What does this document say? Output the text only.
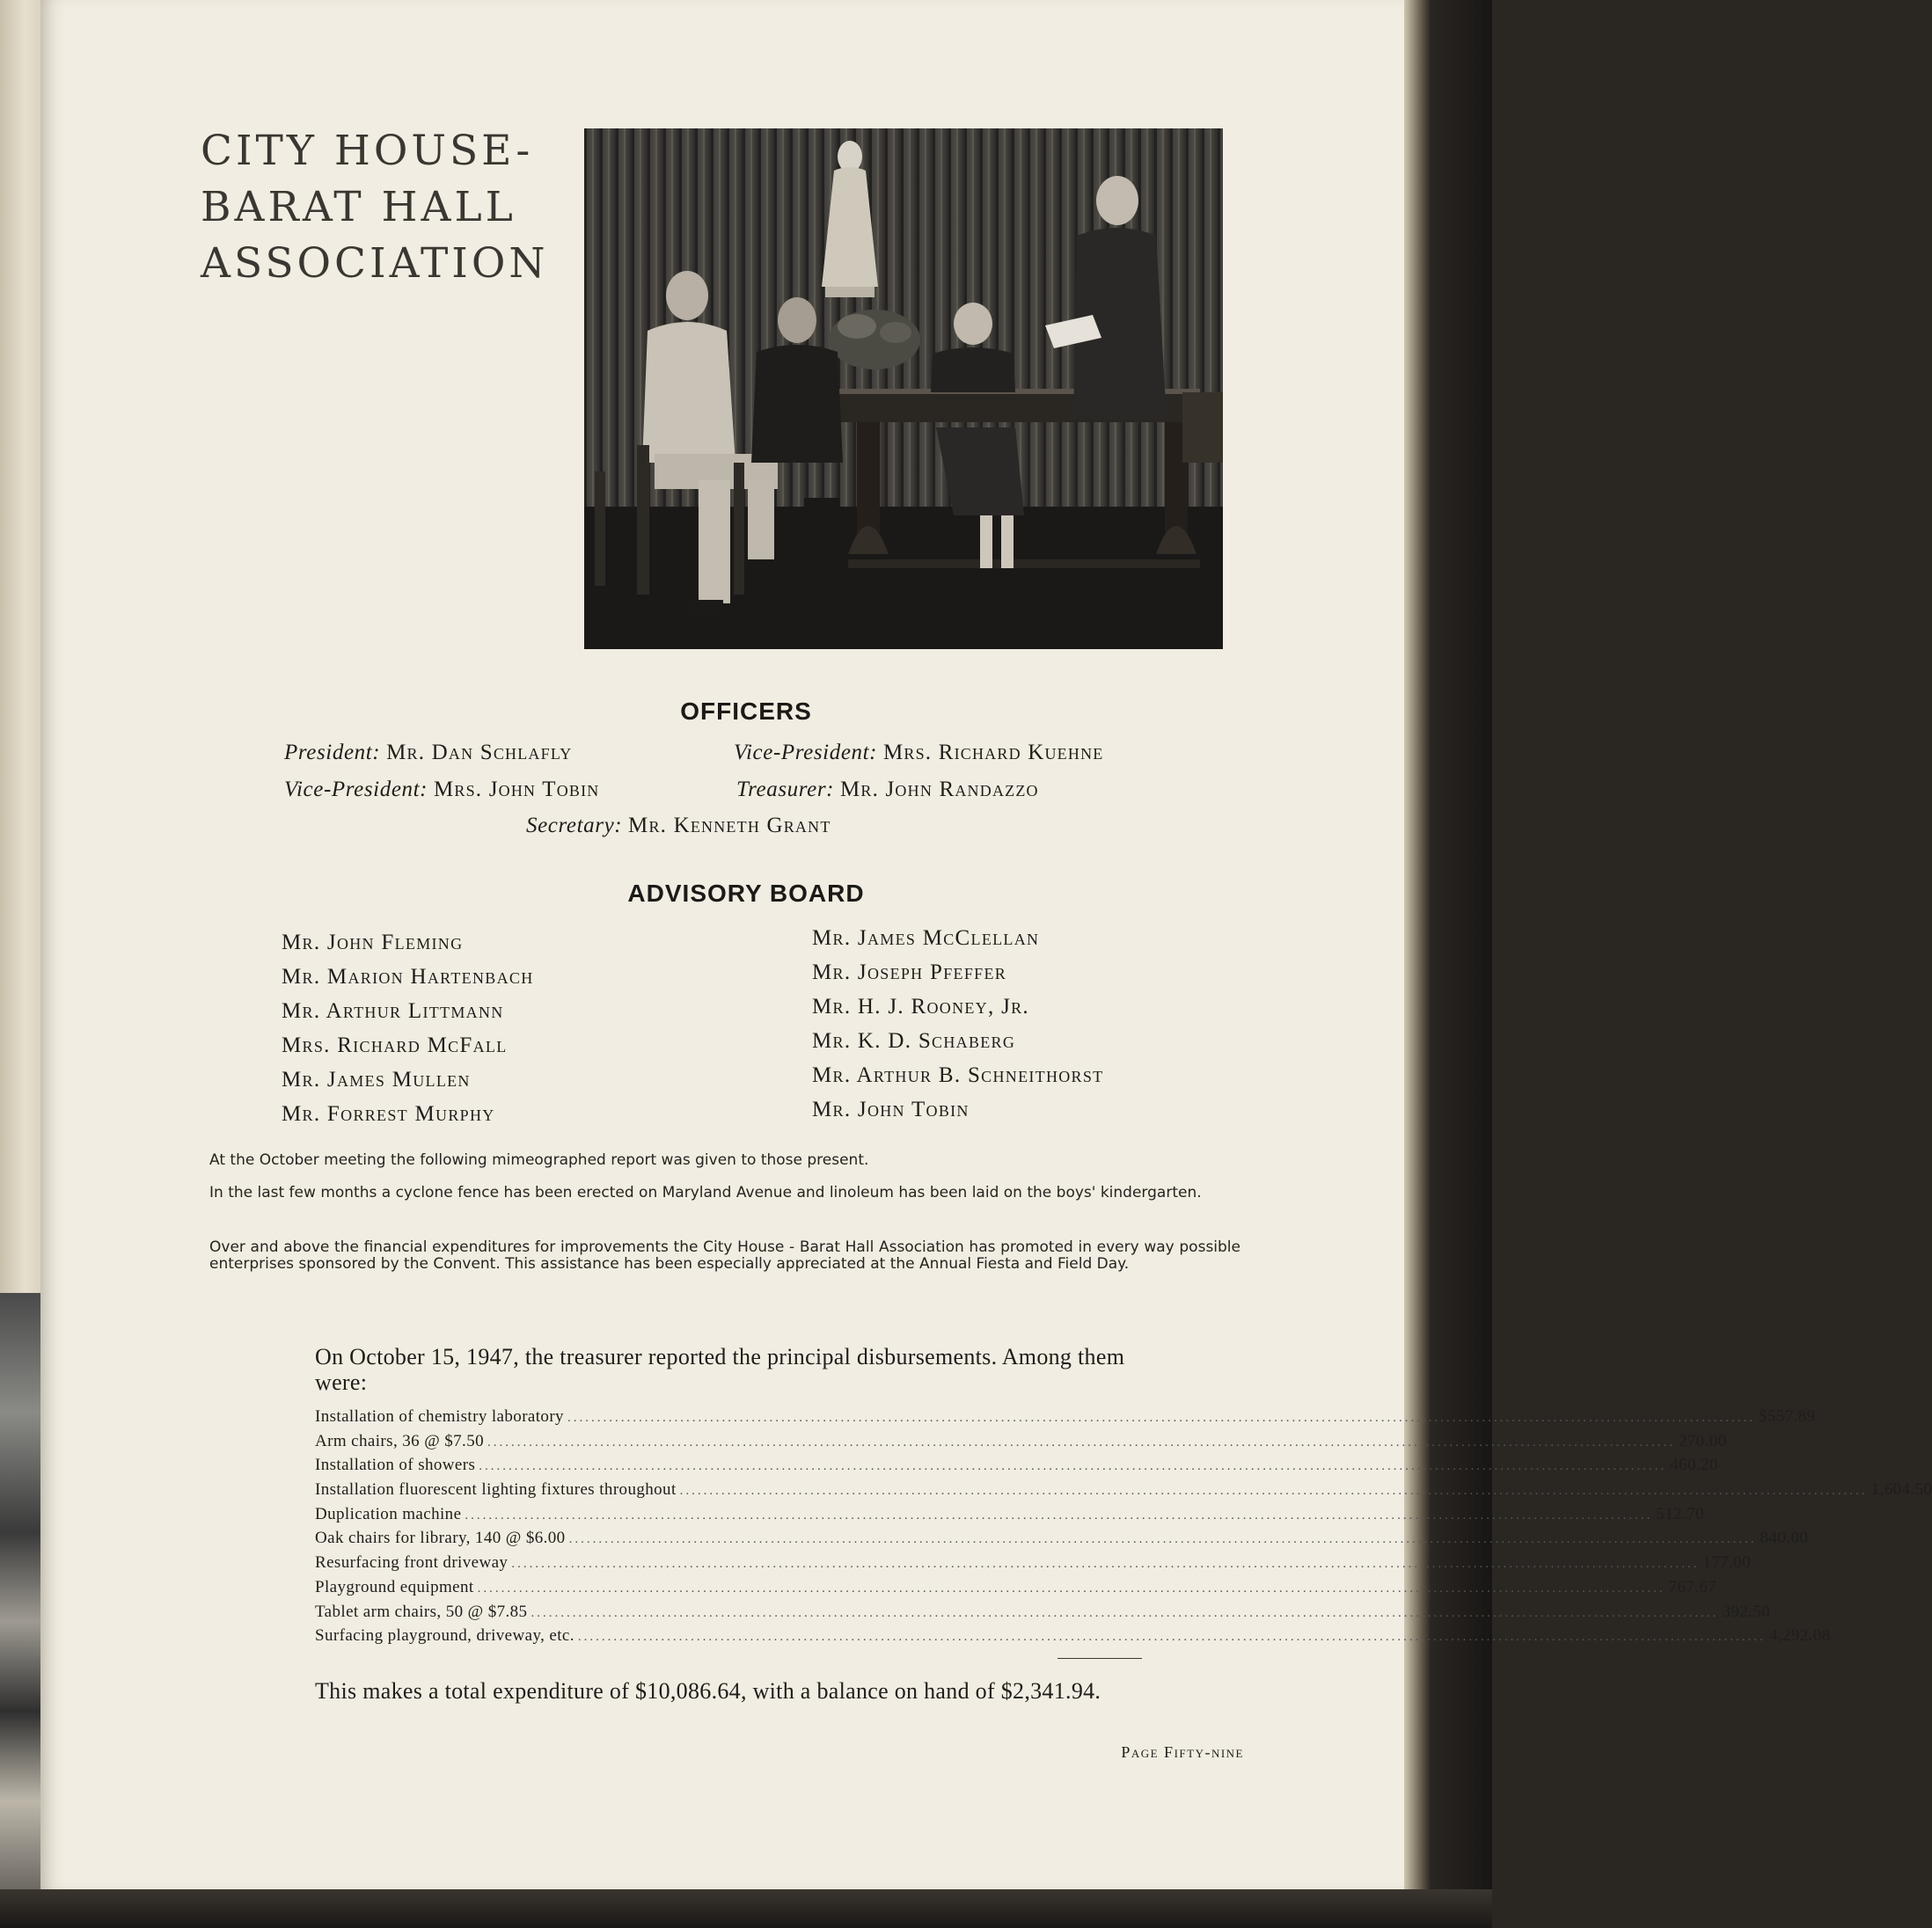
CITY HOUSE-
BARAT HALL
ASSOCIATION
OFFICERS
President: Mr. Dan Schlafly	Vice-President: Mrs. Richard Kuehne
Vice-President: Mrs. John Tobin	Treasurer: Mr. John Randazzo
Secretary: Mr. Kenneth Grant
ADVISORY BOARD
Mr. John Fleming
Mr. Marion Hartenbach
Mr. Arthur Littmann
Mrs. Richard McFall
Mr. James Mullen
Mr. Forrest Murphy
Mr. James McClellan
Mr. Joseph Pfeffer
Mr. H. J. Rooney, Jr.
Mr. K. D. Schaberg
Mr. Arthur B. Schneithorst
Mr. John Tobin
At the October meeting the following mimeographed report was given to those present.
In the last few months a cyclone fence has been erected on Maryland Avenue and linoleum has been laid on the boys' kindergarten.
Over and above the financial expenditures for improvements the City House - Barat Hall Association has promoted in every way possible enterprises sponsored by the Convent. This assistance has been especially appreciated at the Annual Fiesta and Field Day.
On October 15, 1947, the treasurer reported the principal disbursements. Among them were:
Installation of chemistry laboratory ........................................................................................................................................................................................................ $ 557.89
Arm chairs, 36 @ $7.50 ........................................................................................................................................................................................................ 270.00
Installation of showers ........................................................................................................................................................................................................ 460.20
Installation fluorescent lighting fixtures throughout ........................................................................................................................................................................................................ 1,604.50
Duplication machine ........................................................................................................................................................................................................ 512.70
Oak chairs for library, 140 @ $6.00 ........................................................................................................................................................................................................ 840.00
Resurfacing front driveway ........................................................................................................................................................................................................ 177.00
Playground equipment ........................................................................................................................................................................................................ 767.67
Tablet arm chairs, 50 @ $7.85 ........................................................................................................................................................................................................ 392.50
Surfacing playground, driveway, etc. ........................................................................................................................................................................................................ 4,292.08
This makes a total expenditure of $10,086.64, with a balance on hand of $2,341.94.
Page Fifty-nine
